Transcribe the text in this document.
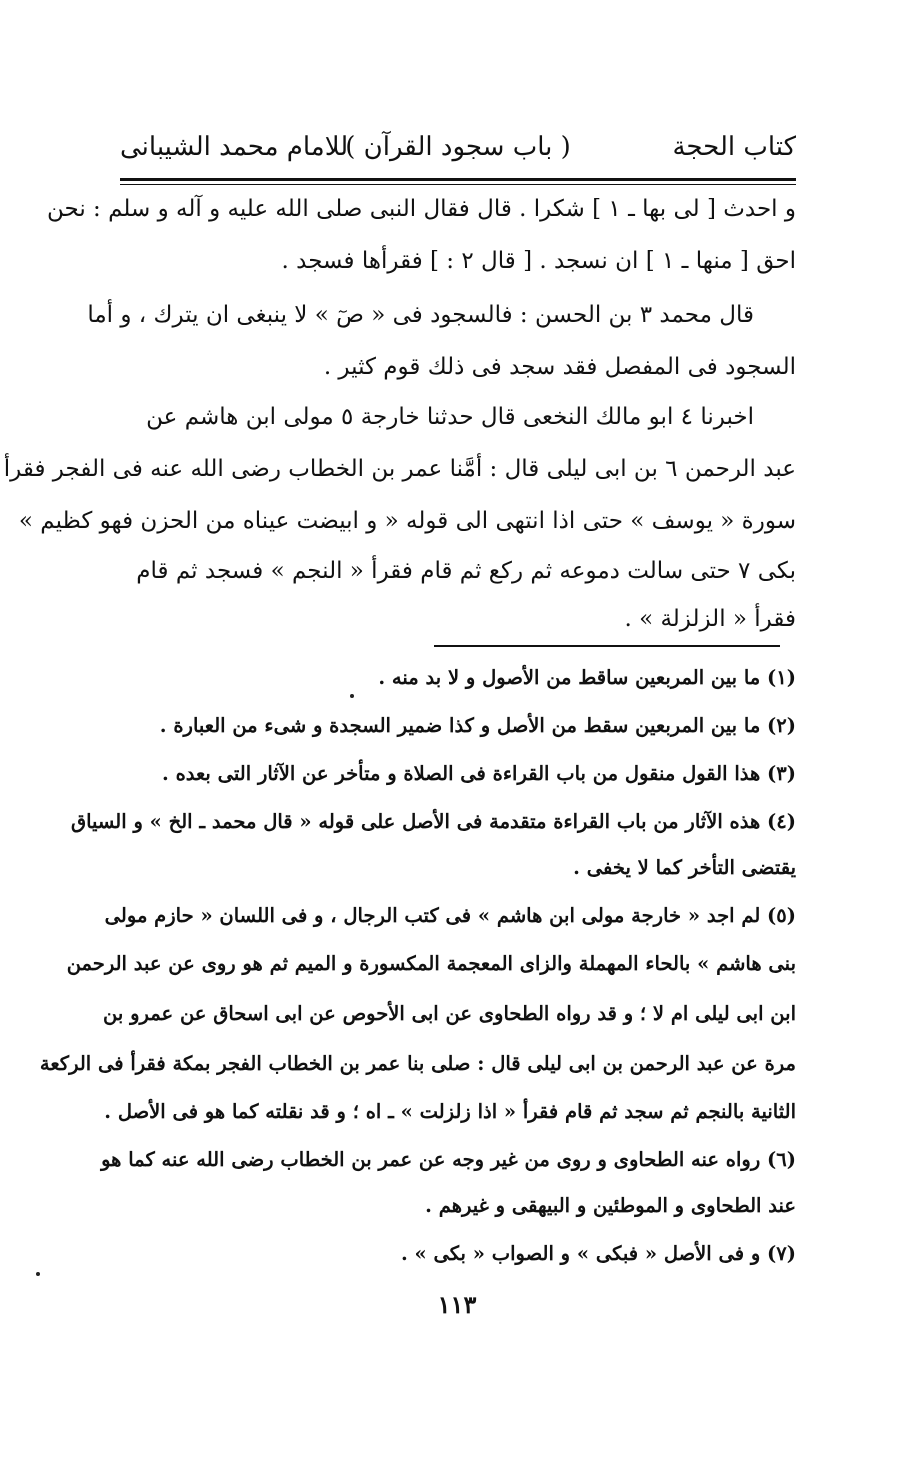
كتاب الحجة
( باب سجود القرآن )
للامام محمد الشيبانى
و احدث [ لى بها ـ ١ ] شكرا . قال فقال النبى صلى الله عليه و آله و سلم : نحن
احق [ منها ـ ١ ] ان نسجد . [ قال ٢ : ] فقرأها فسجد .
قال محمد ٣ بن الحسن : فالسجود فى « صٓ » لا ينبغى ان يترك ، و أما
السجود فى المفصل فقد سجد فى ذلك قوم كثير .
اخبرنا ٤ ابو مالك النخعى قال حدثنا خارجة ٥ مولى ابن هاشم عن
عبد الرحمن ٦ بن ابى ليلى قال : أمَّنا عمر بن الخطاب رضى الله عنه فى الفجر فقرأ
سورة « يوسف » حتى اذا انتهى الى قوله « و ابيضت عيناه من الحزن فهو كظيم »
بكى ٧ حتى سالت دموعه ثم ركع ثم قام فقرأ « النجم » فسجد ثم قام
فقرأ « الزلزلة » .
(١) ما بين المربعين ساقط من الأصول و لا بد منه .
(٢) ما بين المربعين سقط من الأصل و كذا ضمير السجدة و شىء من العبارة .
(٣) هذا القول منقول من باب القراءة فى الصلاة و متأخر عن الآثار التى بعده .
(٤) هذه الآثار من باب القراءة متقدمة فى الأصل على قوله « قال محمد ـ الخ » و السياق
يقتضى التأخر كما لا يخفى .
(٥) لم اجد « خارجة مولى ابن هاشم » فى كتب الرجال ، و فى اللسان « حازم مولى
بنى هاشم » بالحاء المهملة والزاى المعجمة المكسورة و الميم ثم هو روى عن عبد الرحمن
ابن ابى ليلى ام لا ؛ و قد رواه الطحاوى عن ابى الأحوص عن ابى اسحاق عن عمرو بن
مرة عن عبد الرحمن بن ابى ليلى قال : صلى بنا عمر بن الخطاب الفجر بمكة فقرأ فى الركعة
الثانية بالنجم ثم سجد ثم قام فقرأ « اذا زلزلت » ـ اه ؛ و قد نقلته كما هو فى الأصل .
(٦) رواه عنه الطحاوى و روى من غير وجه عن عمر بن الخطاب رضى الله عنه كما هو
عند الطحاوى و الموطئين و البيهقى و غيرهم .
(٧) و فى الأصل « فبكى » و الصواب « بكى » .
١١٣
